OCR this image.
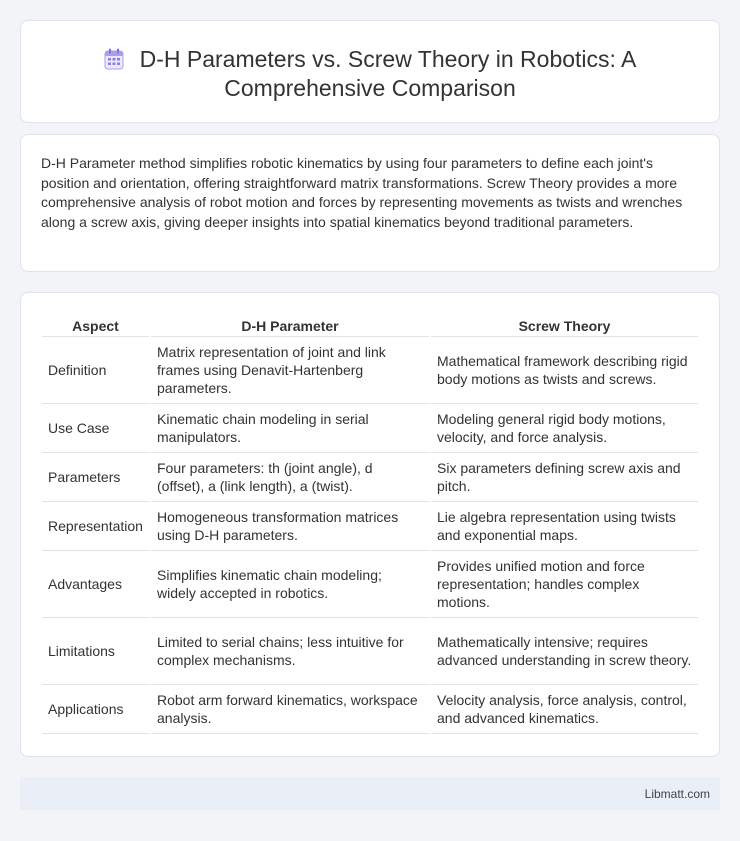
D-H Parameters vs. Screw Theory in Robotics: A Comprehensive Comparison

D-H Parameter method simplifies robotic kinematics by using four parameters to define each joint's position and orientation, offering straightforward matrix transformations. Screw Theory provides a more comprehensive analysis of robot motion and forces by representing movements as twists and wrenches along a screw axis, giving deeper insights into spatial kinematics beyond traditional parameters.

Aspect	D-H Parameter	Screw Theory
Definition	Matrix representation of joint and link frames using Denavit-Hartenberg parameters.	Mathematical framework describing rigid body motions as twists and screws.
Use Case	Kinematic chain modeling in serial manipulators.	Modeling general rigid body motions, velocity, and force analysis.
Parameters	Four parameters: th (joint angle), d (offset), a (link length), a (twist).	Six parameters defining screw axis and pitch.
Representation	Homogeneous transformation matrices using D-H parameters.	Lie algebra representation using twists and exponential maps.
Advantages	Simplifies kinematic chain modeling; widely accepted in robotics.	Provides unified motion and force representation; handles complex motions.
Limitations	Limited to serial chains; less intuitive for complex mechanisms.	Mathematically intensive; requires advanced understanding in screw theory.
Applications	Robot arm forward kinematics, workspace analysis.	Velocity analysis, force analysis, control, and advanced kinematics.
Libmatt.com
